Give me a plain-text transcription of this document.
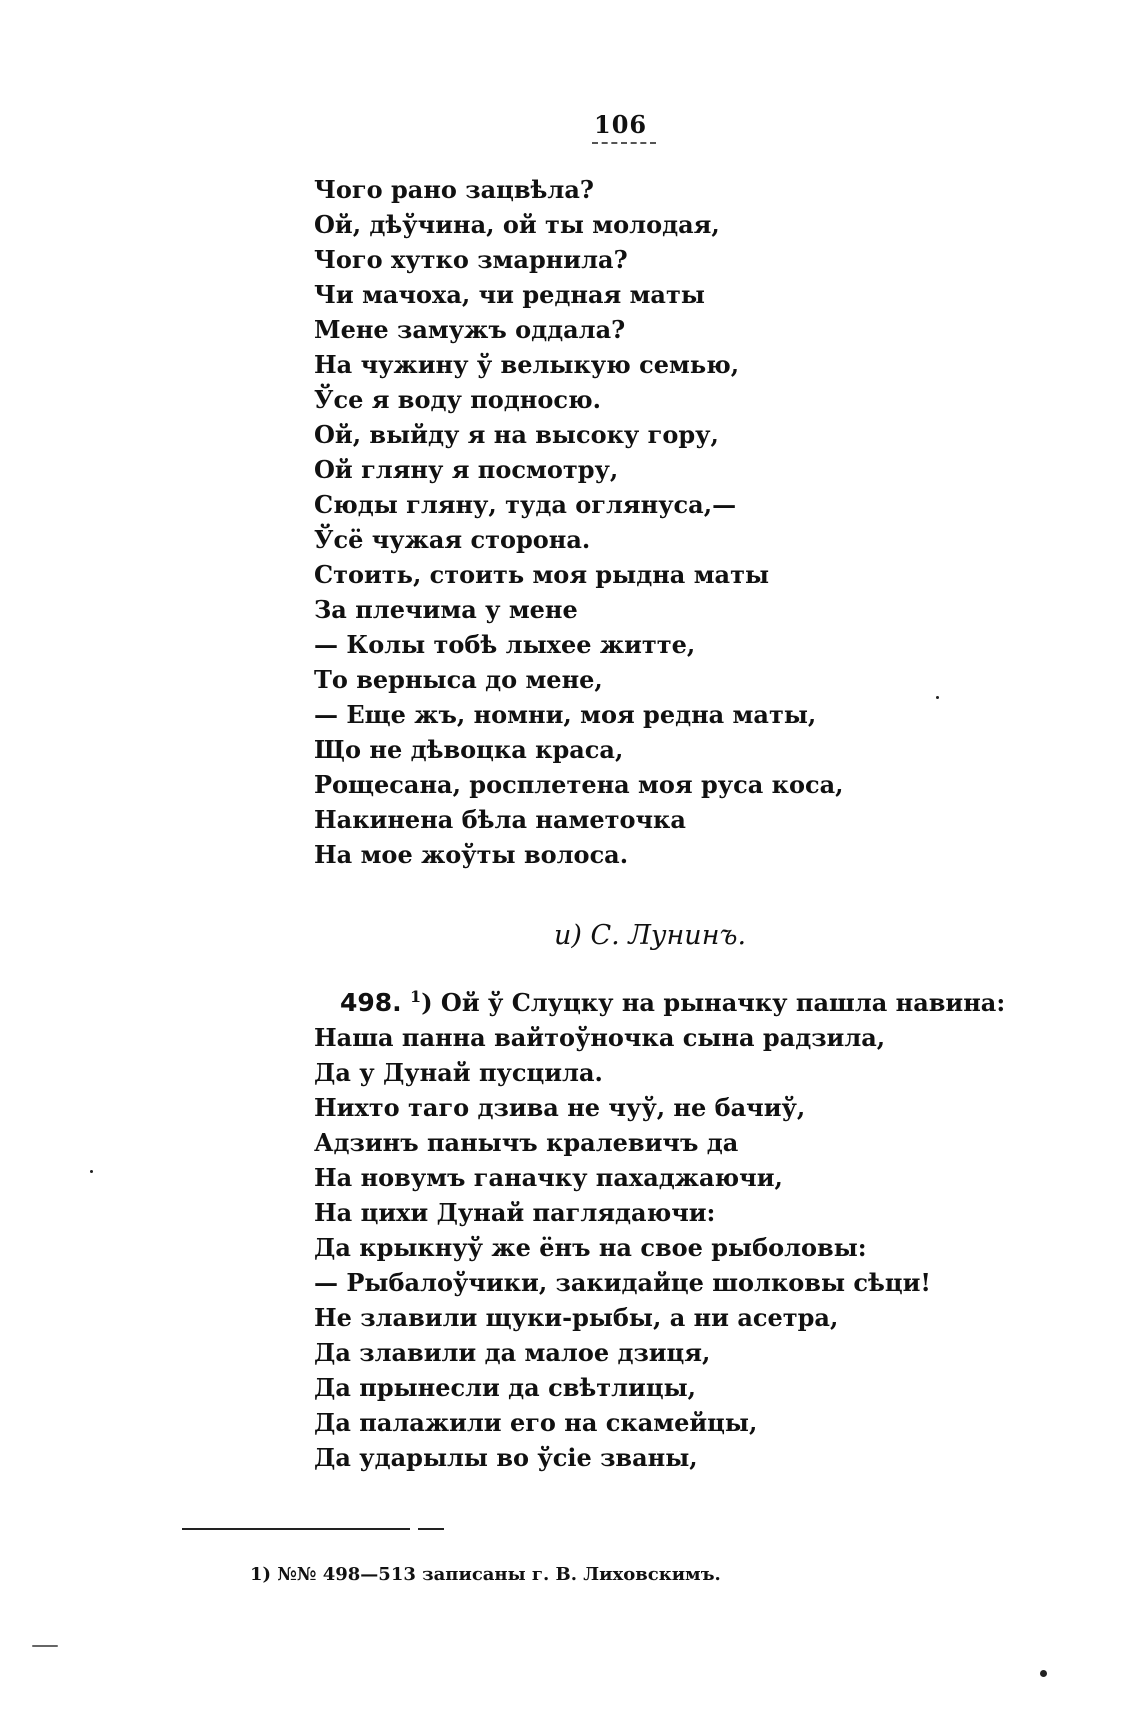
106
Чого рано зацвѣла?
Ой, дѣўчина, ой ты молодая,
Чого хутко змарнила?
Чи мачоха, чи редная маты
Мене замужъ оддала?
На чужину ў велыкую семью,
Ўсе я воду подносю.
Ой, выйду я на высоку гору,
Ой гляну я посмотру,
Сюды гляну, туда оглянуса,—
Ўсё чужая сторона.
Стоить, стоить моя рыдна маты
За плечима у мене
— Колы тобѣ лыхее житте,
То верныса до мене,
— Еще жъ, номни, моя редна маты,
Що не дѣвоцка краса,
Рощесана, росплетена моя руса коса,
Накинена бѣла наметочка
На мое жоўты волоса.
и) С. Лунинъ.
498. $^1$) Ой ў Слуцку на рыначку пашла навина:
Наша панна вайтоўночка сына радзила,
Да у Дунай пусцила.
Нихто таго дзива не чуў, не бачиў,
Адзинъ панычъ кралевичъ да
На новумъ ганачку пахаджаючи,
На цихи Дунай паглядаючи:
Да крыкнуў же ёнъ на свое рыболовы:
— Рыбалоўчики, закидайце шолковы сѣци!
Не злавили щуки-рыбы, а ни асетра,
Да злавили да малое дзиця,
Да прынесли да свѣтлицы,
Да палажили его на скамейцы,
Да ударылы во ўсіе званы,
1) №№ 498—513 записаны г. В. Лиховскимъ.
